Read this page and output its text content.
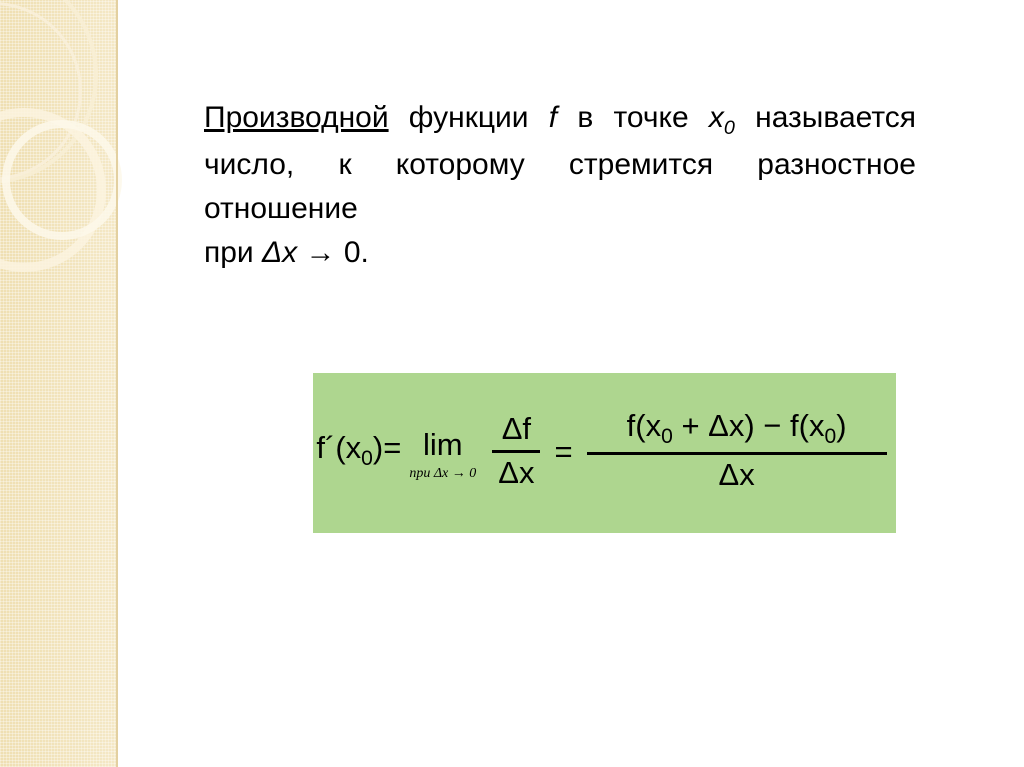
Производной функции f в точке $x_0$ называется число, к которому стремится разностное отношение
при Δx → 0.
$f´(x_0)= \lim$
при $\Delta x \to 0 \frac{\Delta f}{\Delta x} = \frac{f(x_0 + \Delta x) - f(x_0)}{\Delta x}$
